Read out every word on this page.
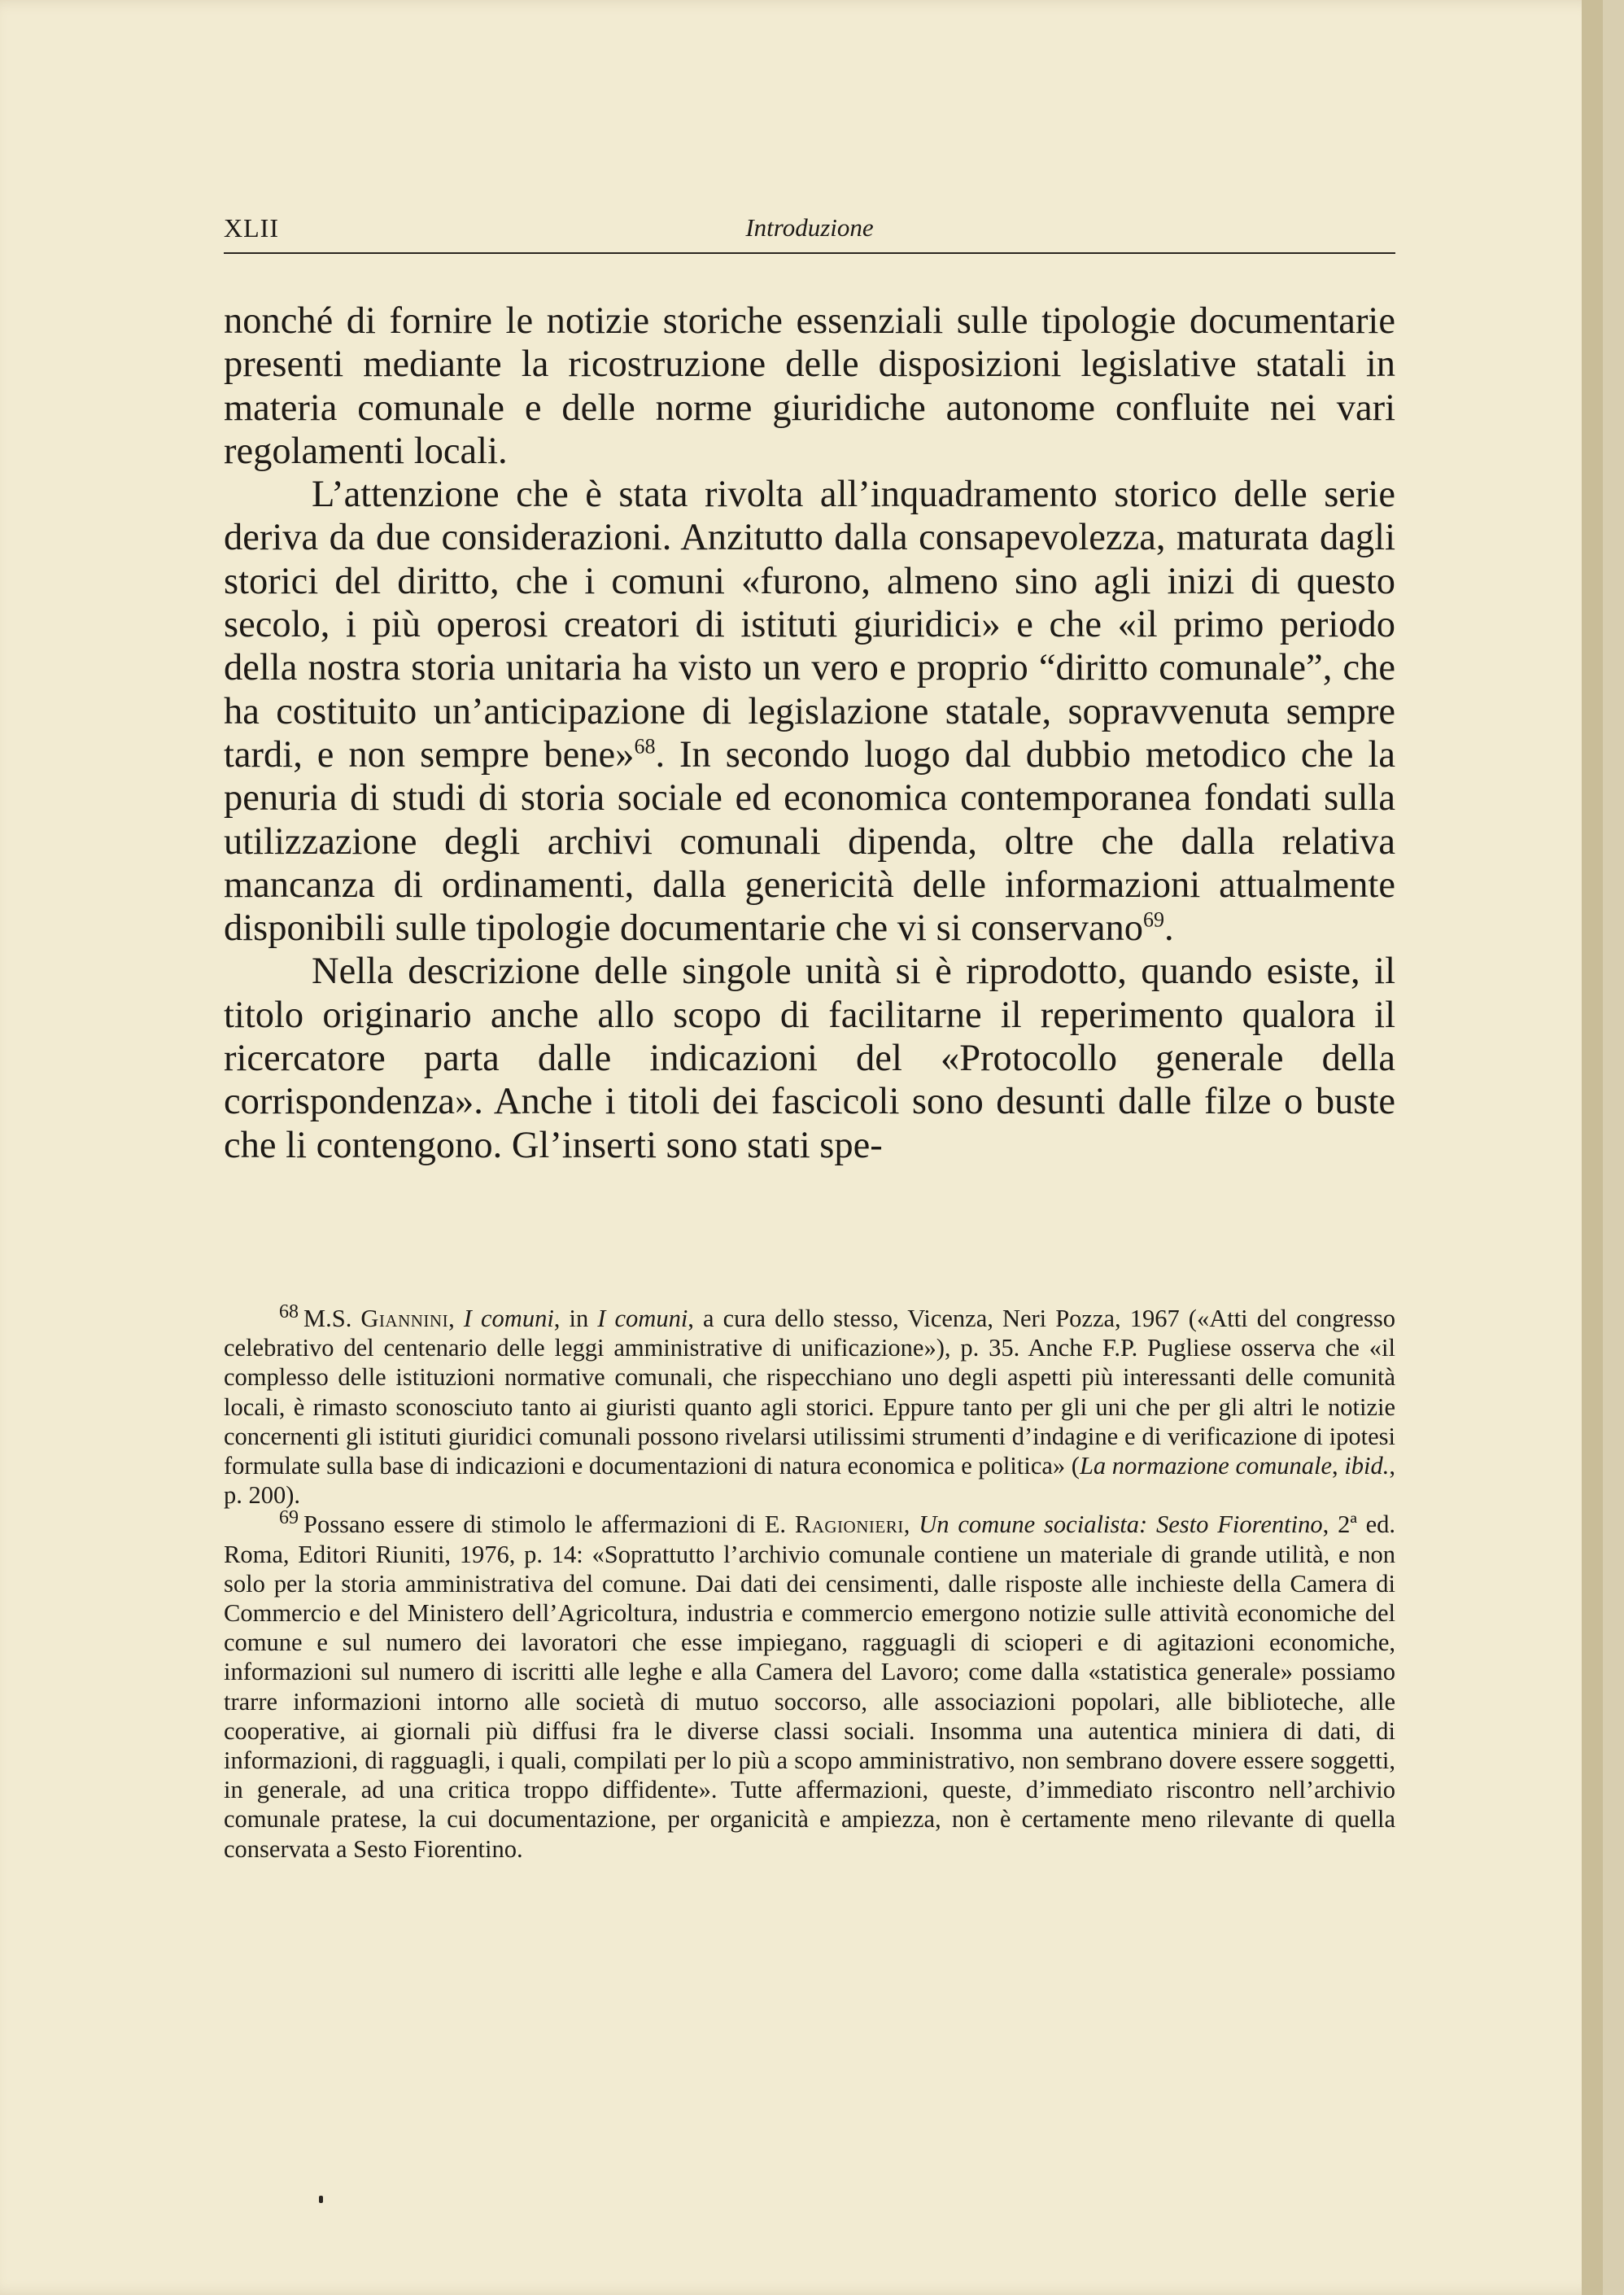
XLII	Introduzione

nonché di fornire le notizie storiche essenziali sulle tipologie documentarie presenti mediante la ricostruzione delle disposizioni legislative statali in materia comunale e delle norme giuridiche autonome confluite nei vari regolamenti locali.

L’attenzione che è stata rivolta all’inquadramento storico delle serie deriva da due considerazioni. Anzitutto dalla consapevolezza, maturata dagli storici del diritto, che i comuni «furono, almeno sino agli inizi di questo secolo, i più operosi creatori di istituti giuridici» e che «il primo periodo della nostra storia unitaria ha visto un vero e proprio “diritto comunale”, che ha costituito un’anticipazione di legislazione statale, sopravvenuta sempre tardi, e non sempre bene»$^{68}$. In secondo luogo dal dubbio metodico che la penuria di studi di storia sociale ed economica contemporanea fondati sulla utilizzazione degli archivi comunali dipenda, oltre che dalla relativa mancanza di ordinamenti, dalla genericità delle informazioni attualmente disponibili sulle tipologie documentarie che vi si conservano$^{69}$.

Nella descrizione delle singole unità si è riprodotto, quando esiste, il titolo originario anche allo scopo di facilitarne il reperimento qualora il ricercatore parta dalle indicazioni del «Protocollo generale della corrispondenza». Anche i titoli dei fascicoli sono desunti dalle filze o buste che li contengono. Gl’inserti sono stati spe-

$^{68}$ M.S. Giannini, I comuni, in I comuni, a cura dello stesso, Vicenza, Neri Pozza, 1967 («Atti del congresso celebrativo del centenario delle leggi amministrative di unificazione»), p. 35. Anche F.P. Pugliese osserva che «il complesso delle istituzioni normative comunali, che rispecchiano uno degli aspetti più interessanti delle comunità locali, è rimasto sconosciuto tanto ai giuristi quanto agli storici. Eppure tanto per gli uni che per gli altri le notizie concernenti gli istituti giuridici comunali possono rivelarsi utilissimi strumenti d’indagine e di verificazione di ipotesi formulate sulla base di indicazioni e documentazioni di natura economica e politica» (La normazione comunale, ibid., p. 200).

$^{69}$ Possano essere di stimolo le affermazioni di E. Ragionieri, Un comune socialista: Sesto Fiorentino, 2ª ed. Roma, Editori Riuniti, 1976, p. 14: «Soprattutto l’archivio comunale contiene un materiale di grande utilità, e non solo per la storia amministrativa del comune. Dai dati dei censimenti, dalle risposte alle inchieste della Camera di Commercio e del Ministero dell’Agricoltura, industria e commercio emergono notizie sulle attività economiche del comune e sul numero dei lavoratori che esse impiegano, ragguagli di scioperi e di agitazioni economiche, informazioni sul numero di iscritti alle leghe e alla Camera del Lavoro; come dalla «statistica generale» possiamo trarre informazioni intorno alle società di mutuo soccorso, alle associazioni popolari, alle biblioteche, alle cooperative, ai giornali più diffusi fra le diverse classi sociali. Insomma una autentica miniera di dati, di informazioni, di ragguagli, i quali, compilati per lo più a scopo amministrativo, non sembrano dovere essere soggetti, in generale, ad una critica troppo diffidente». Tutte affermazioni, queste, d’immediato riscontro nell’archivio comunale pratese, la cui documentazione, per organicità e ampiezza, non è certamente meno rilevante di quella conservata a Sesto Fiorentino.
